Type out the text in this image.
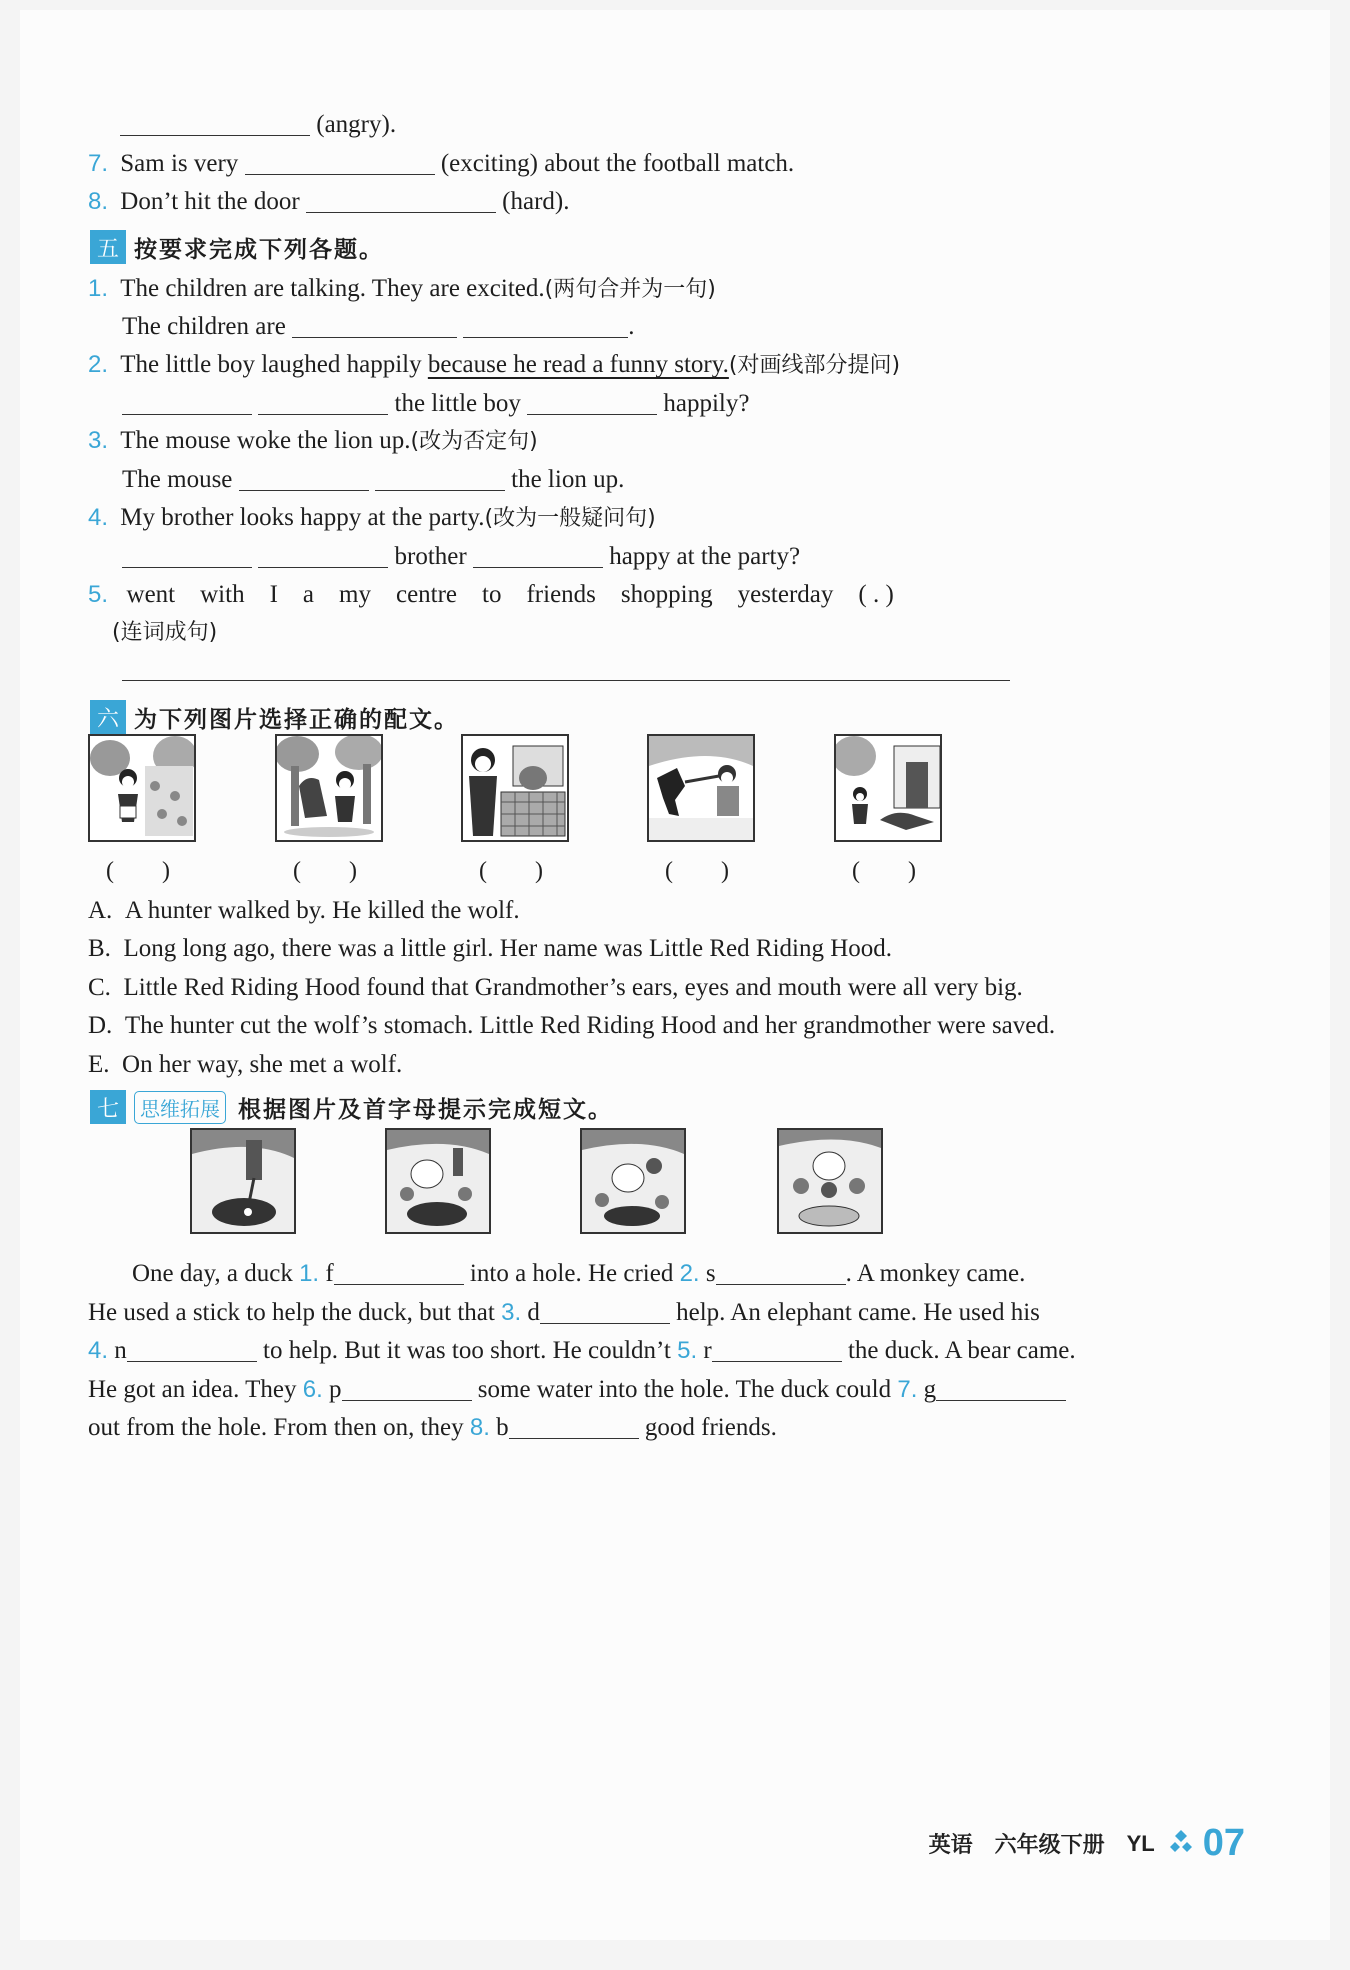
(angry).
7. Sam is very	(exciting) about the football match.
8. Don’t hit the door	(hard).
五 按要求完成下列各题。
1. The children are talking. They are excited.(两句合并为一句)
The children are	.
2. The little boy laughed happily because he read a funny story.(对画线部分提问)
the little boy	happily?
3. The mouse woke the lion up.(改为否定句)
The mouse	the lion up.
4. My brother looks happy at the party.(改为一般疑问句)
brother	happy at the party?
5. went with I a my centre to friends shopping yesterday ( . )
(连词成句)
六 为下列图片选择正确的配文。
(　　)	(　　)	(　　)	(　　)	(　　)
A. A hunter walked by. He killed the wolf.
B. Long long ago, there was a little girl. Her name was Little Red Riding Hood.
C. Little Red Riding Hood found that Grandmother’s ears, eyes and mouth were all very big.
D. The hunter cut the wolf’s stomach. Little Red Riding Hood and her grandmother were saved.
E. On her way, she met a wolf.
七	思维拓展 根据图片及首字母提示完成短文。
One day, a duck 1. f	into a hole. He cried 2. s	. A monkey came.
He used a stick to help the duck, but that 3. d	help. An elephant came. He used his
4. n	to help. But it was too short. He couldn’t 5. r	the duck. A bear came.
He got an idea. They 6. p	some water into the hole. The duck could 7. g
out from the hole. From then on, they 8. b	good friends.
英语 六年级下册 YL 07
